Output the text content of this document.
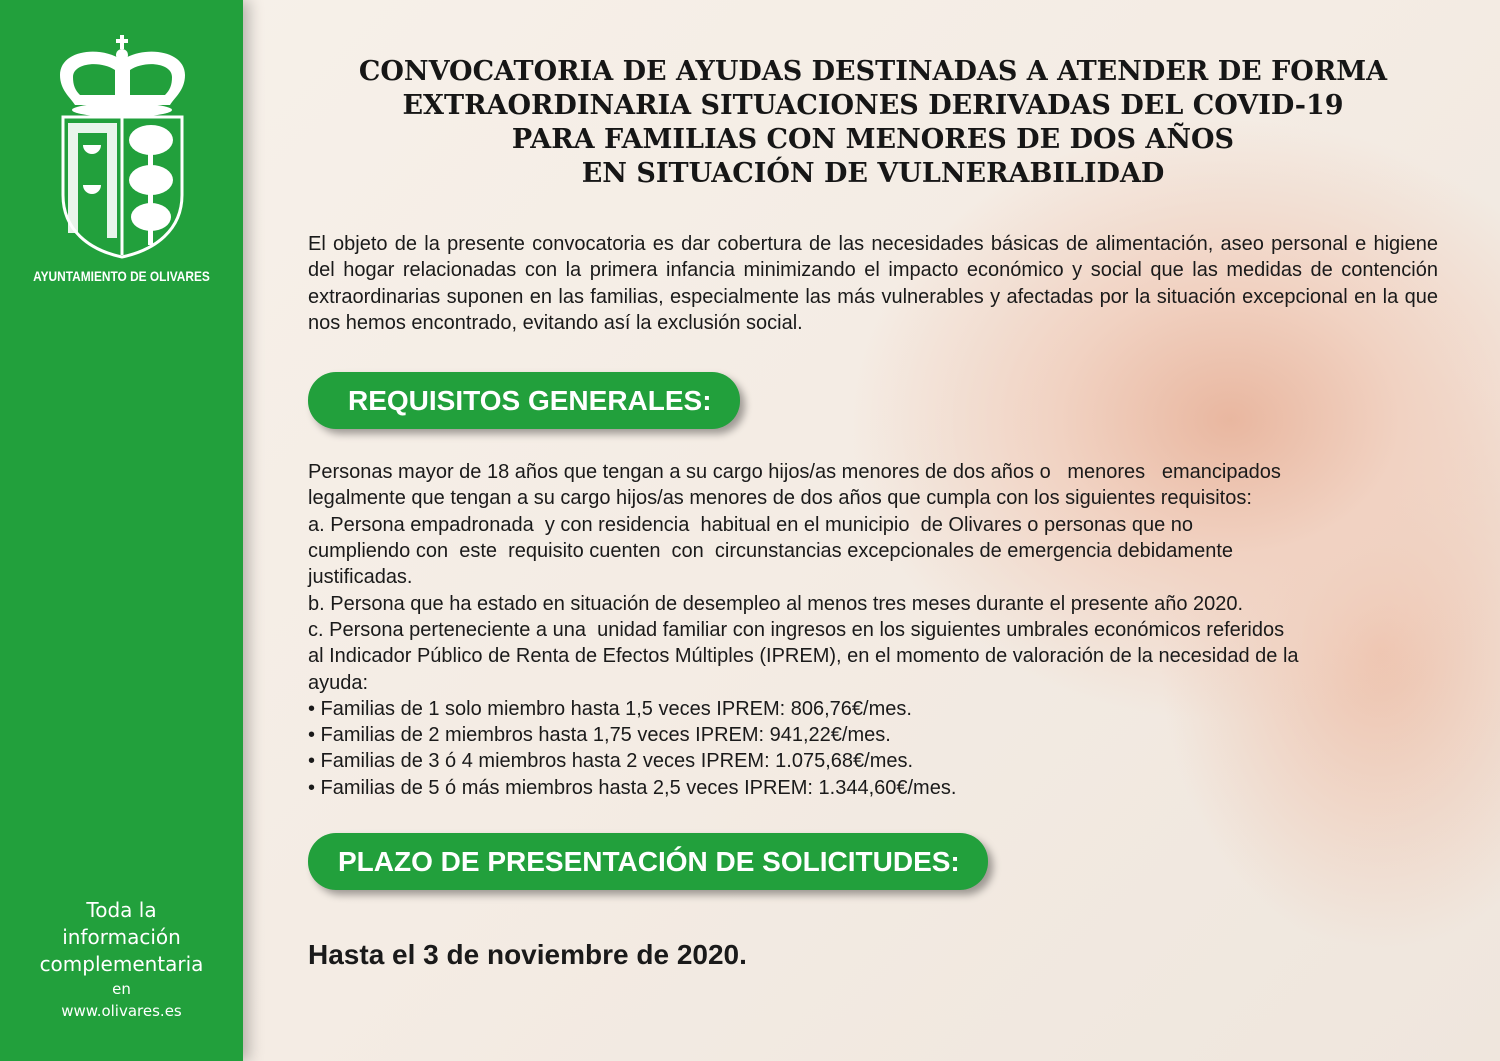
AYUNTAMIENTO DE OLIVARES
Toda la
información
complementaria
en
www.olivares.es
CONVOCATORIA DE AYUDAS DESTINADAS A ATENDER DE FORMA
EXTRAORDINARIA SITUACIONES DERIVADAS DEL COVID-19
PARA FAMILIAS CON MENORES DE DOS AÑOS
EN SITUACIÓN DE VULNERABILIDAD
El objeto de la presente convocatoria es dar cobertura de las necesidades básicas de alimentación, aseo personal e higiene del hogar relacionadas con la primera infancia minimizando el impacto económico y social que las medidas de contención extraordinarias suponen en las familias, especialmente las más vulnerables y afectadas por la situación excepcional en la que nos hemos encontrado, evitando así la exclusión social.
REQUISITOS GENERALES:
Personas mayor de 18 años que tengan a su cargo hijos/as menores de dos años o   menores   emancipados
legalmente que tengan a su cargo hijos/as menores de dos años que cumpla con los siguientes requisitos:
a. Persona empadronada  y con residencia  habitual en el municipio  de Olivares o personas que no
cumpliendo con  este  requisito cuenten  con  circunstancias excepcionales de emergencia debidamente
justificadas.
b. Persona que ha estado en situación de desempleo al menos tres meses durante el presente año 2020.
c. Persona perteneciente a una  unidad familiar con ingresos en los siguientes umbrales económicos referidos
al Indicador Público de Renta de Efectos Múltiples (IPREM), en el momento de valoración de la necesidad de la
ayuda:
• Familias de 1 solo miembro hasta 1,5 veces IPREM: 806,76€/mes.
• Familias de 2 miembros hasta 1,75 veces IPREM: 941,22€/mes.
• Familias de 3 ó 4 miembros hasta 2 veces IPREM: 1.075,68€/mes.
• Familias de 5 ó más miembros hasta 2,5 veces IPREM: 1.344,60€/mes.
PLAZO DE PRESENTACIÓN DE SOLICITUDES:
Hasta el 3 de noviembre de 2020.
